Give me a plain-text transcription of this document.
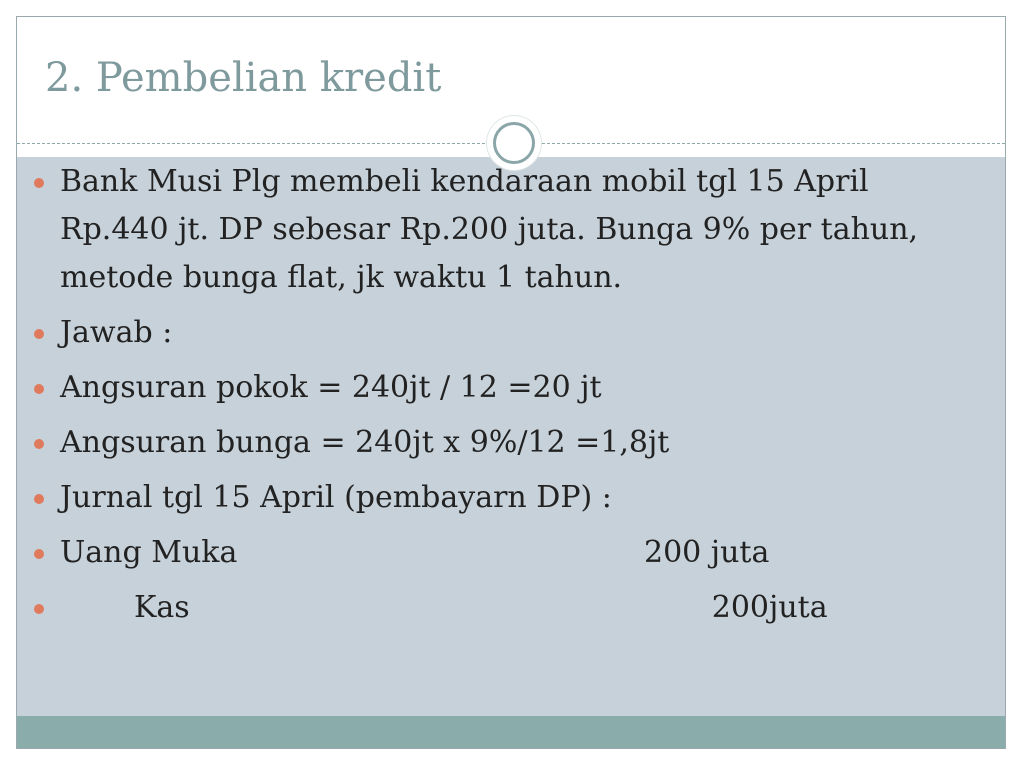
2. Pembelian kredit
Bank Musi Plg membeli kendaraan mobil tgl 15 April Rp.440 jt. DP sebesar Rp.200 juta. Bunga 9% per tahun, metode bunga flat, jk waktu 1 tahun.
Jawab :
Angsuran pokok = 240jt / 12 =20 jt
Angsuran bunga = 240jt x 9%/12 =1,8jt
Jurnal tgl 15 April (pembayarn DP) :
Uang Muka	200 juta
Kas	200juta
